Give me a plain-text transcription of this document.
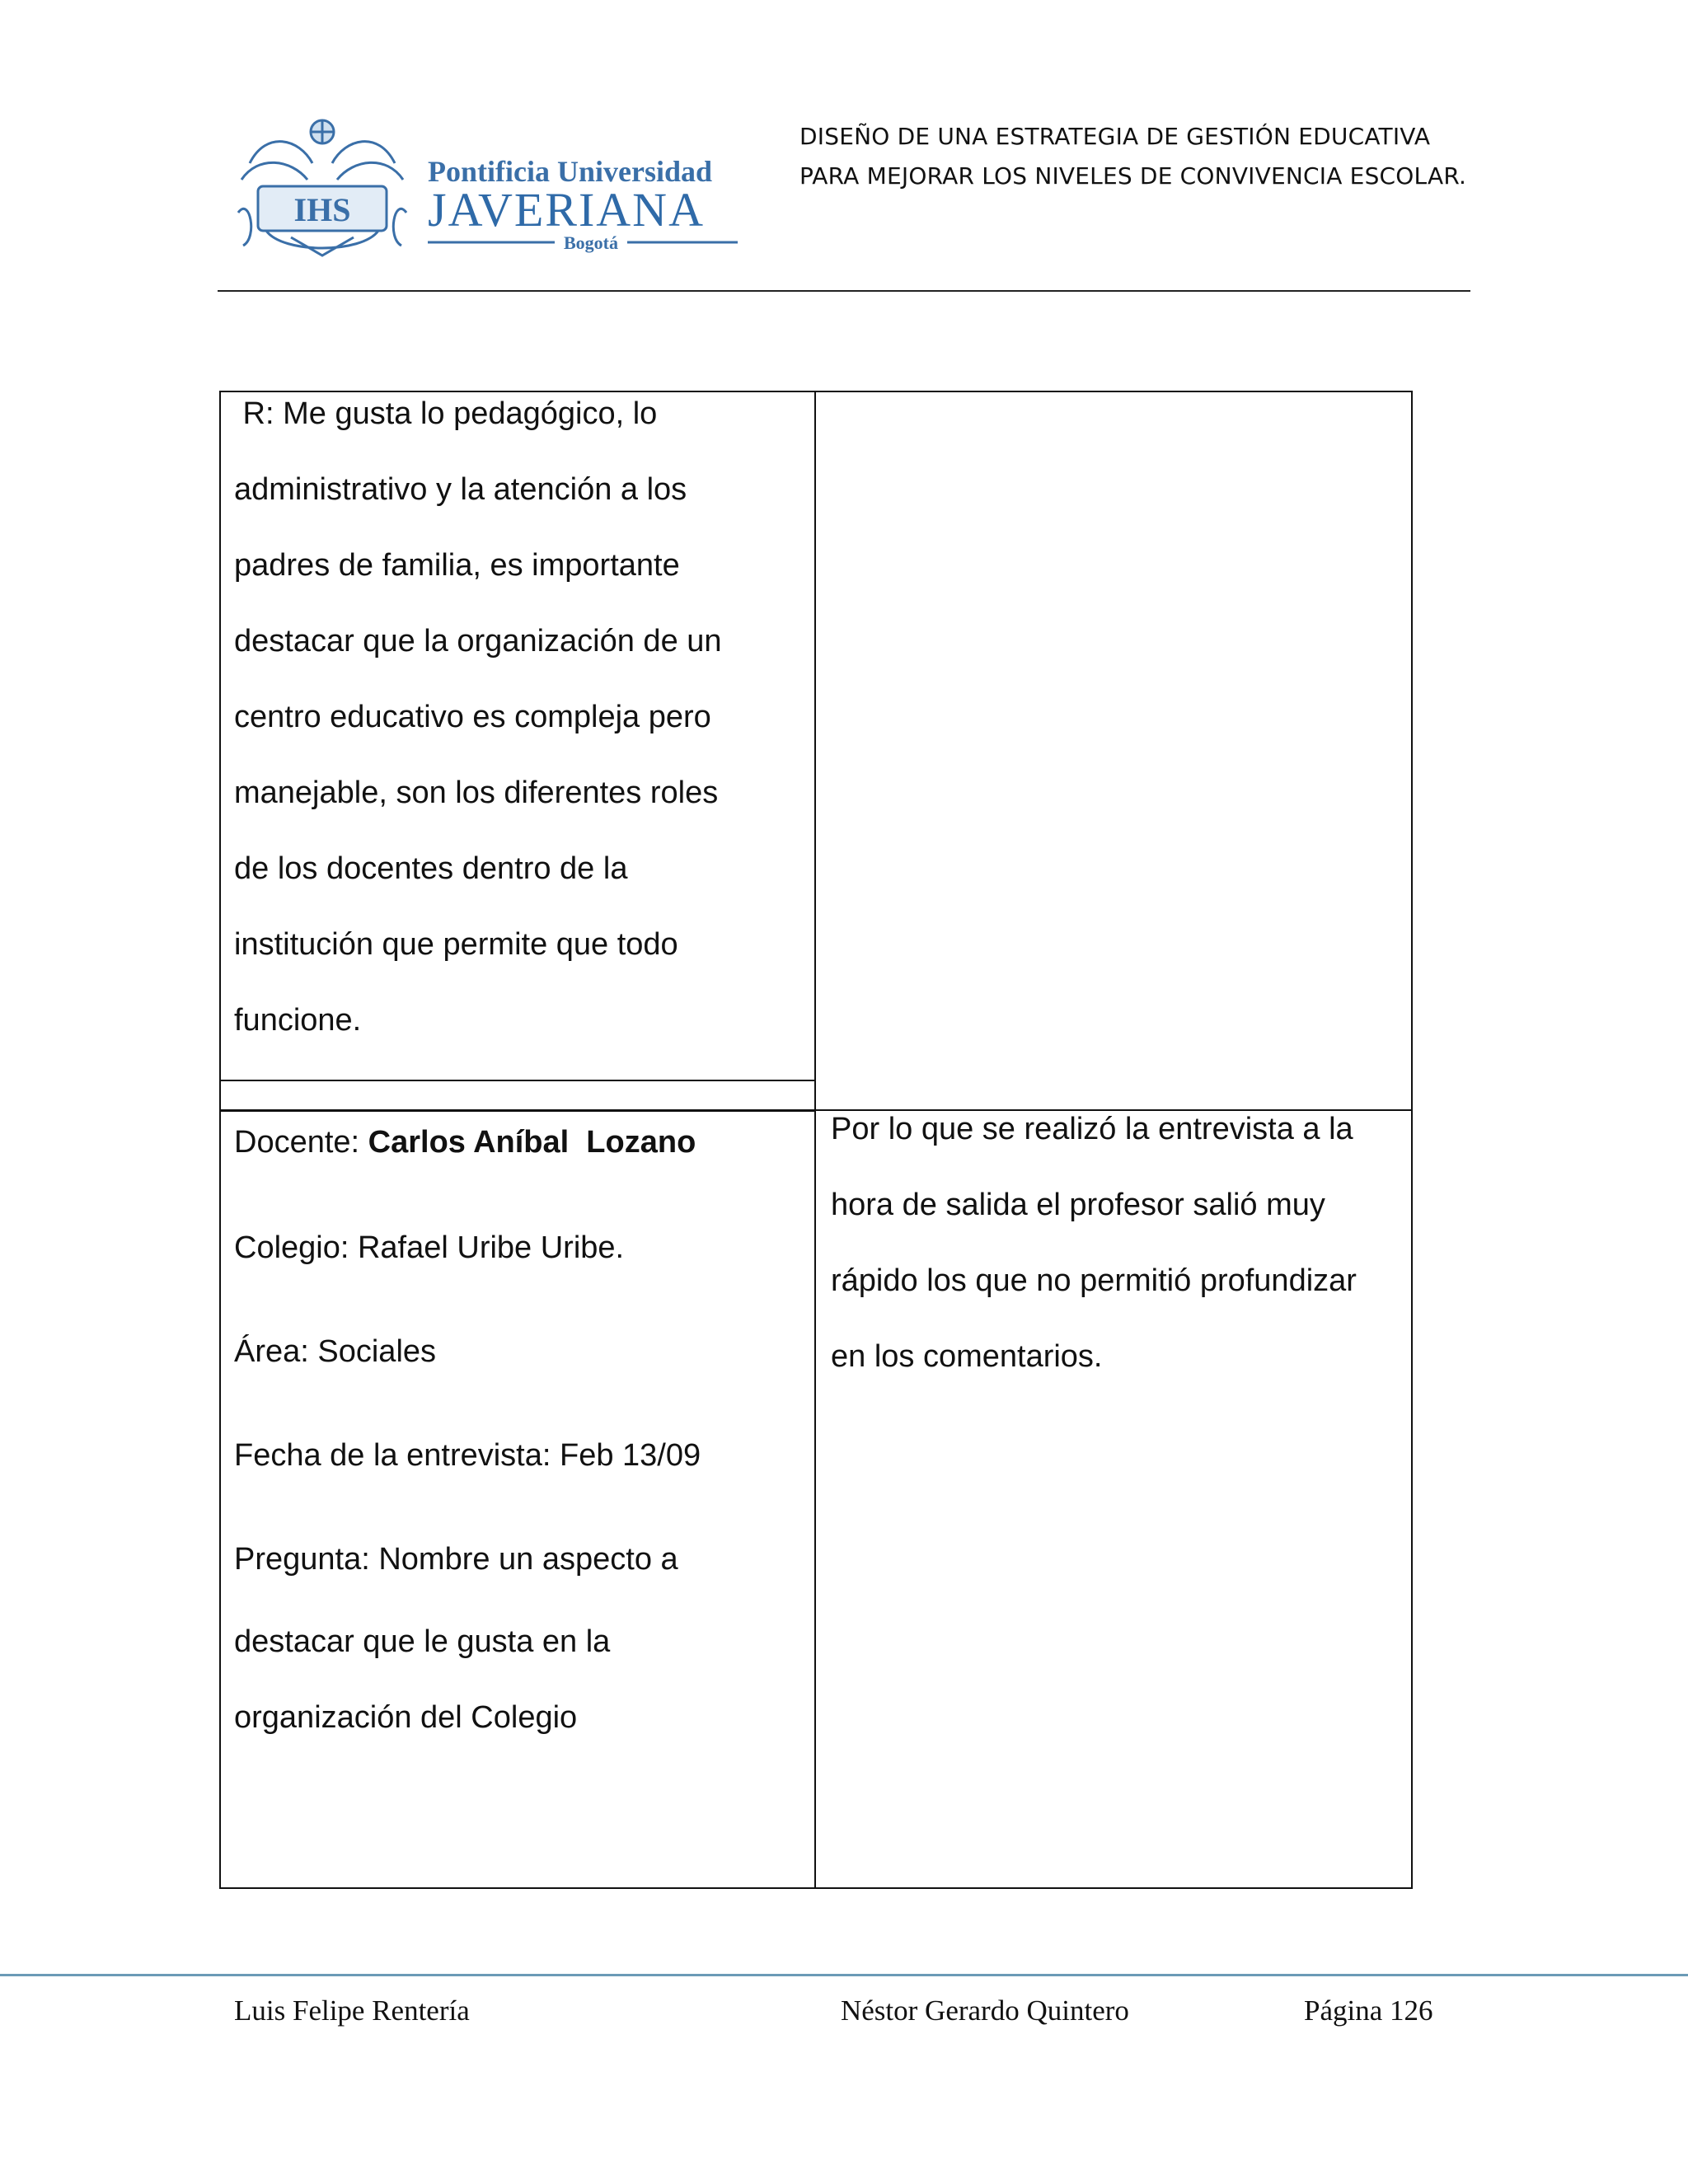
IHS
Pontificia Universidad
JAVERIANA
Bogotá
DISEÑO DE UNA ESTRATEGIA DE GESTIÓN EDUCATIVA
PARA MEJORAR LOS NIVELES DE CONVIVENCIA ESCOLAR.
R: Me gusta lo pedagógico, lo
administrativo y la atención a los
padres de familia, es importante
destacar que la organización de un
centro educativo es compleja pero
manejable, son los diferentes roles
de los docentes dentro de la
institución que permite que todo
funcione.
Docente: Carlos Aníbal  Lozano
Colegio: Rafael Uribe Uribe.
Área: Sociales
Fecha de la entrevista: Feb 13/09
Pregunta: Nombre un aspecto a
destacar que le gusta en la
organización del Colegio
Por lo que se realizó la entrevista a la
hora de salida el profesor salió muy
rápido los que no permitió profundizar
en los comentarios.
Luis Felipe Rentería	Néstor Gerardo Quintero	Página 126
